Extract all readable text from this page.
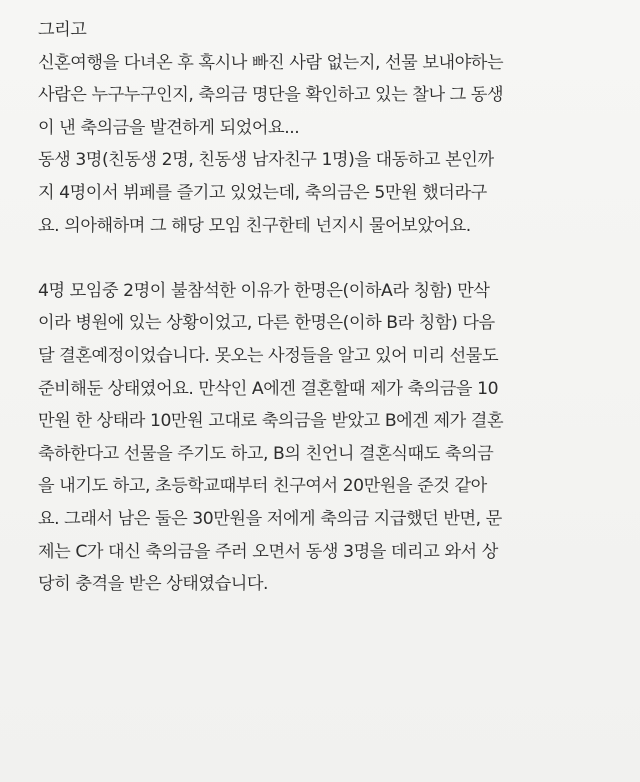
그리고
신혼여행을 다녀온 후 혹시나 빠진 사람 없는지, 선물 보내야하는
사람은 누구누구인지, 축의금 명단을 확인하고 있는 찰나 그 동생
이 낸 축의금을 발견하게 되었어요...
동생 3명(친동생 2명, 친동생 남자친구 1명)을 대동하고 본인까
지 4명이서 뷔페를 즐기고 있었는데, 축의금은 5만원 했더라구
요. 의아해하며 그 해당 모임 친구한테 넌지시 물어보았어요.
4명 모임중 2명이 불참석한 이유가 한명은(이하A라 칭함) 만삭
이라 병원에 있는 상황이었고, 다른 한명은(이하 B라 칭함) 다음
달 결혼예정이었습니다. 못오는 사정들을 알고 있어 미리 선물도
준비해둔 상태였어요. 만삭인 A에겐 결혼할때 제가 축의금을 10
만원 한 상태라 10만원 고대로 축의금을 받았고 B에겐 제가 결혼
축하한다고 선물을 주기도 하고, B의 친언니 결혼식때도 축의금
을 내기도 하고, 초등학교때부터 친구여서 20만원을 준것 같아
요. 그래서 남은 둘은 30만원을 저에게 축의금 지급했던 반면, 문
제는 C가 대신 축의금을 주러 오면서 동생 3명을 데리고 와서 상
당히 충격을 받은 상태였습니다.
